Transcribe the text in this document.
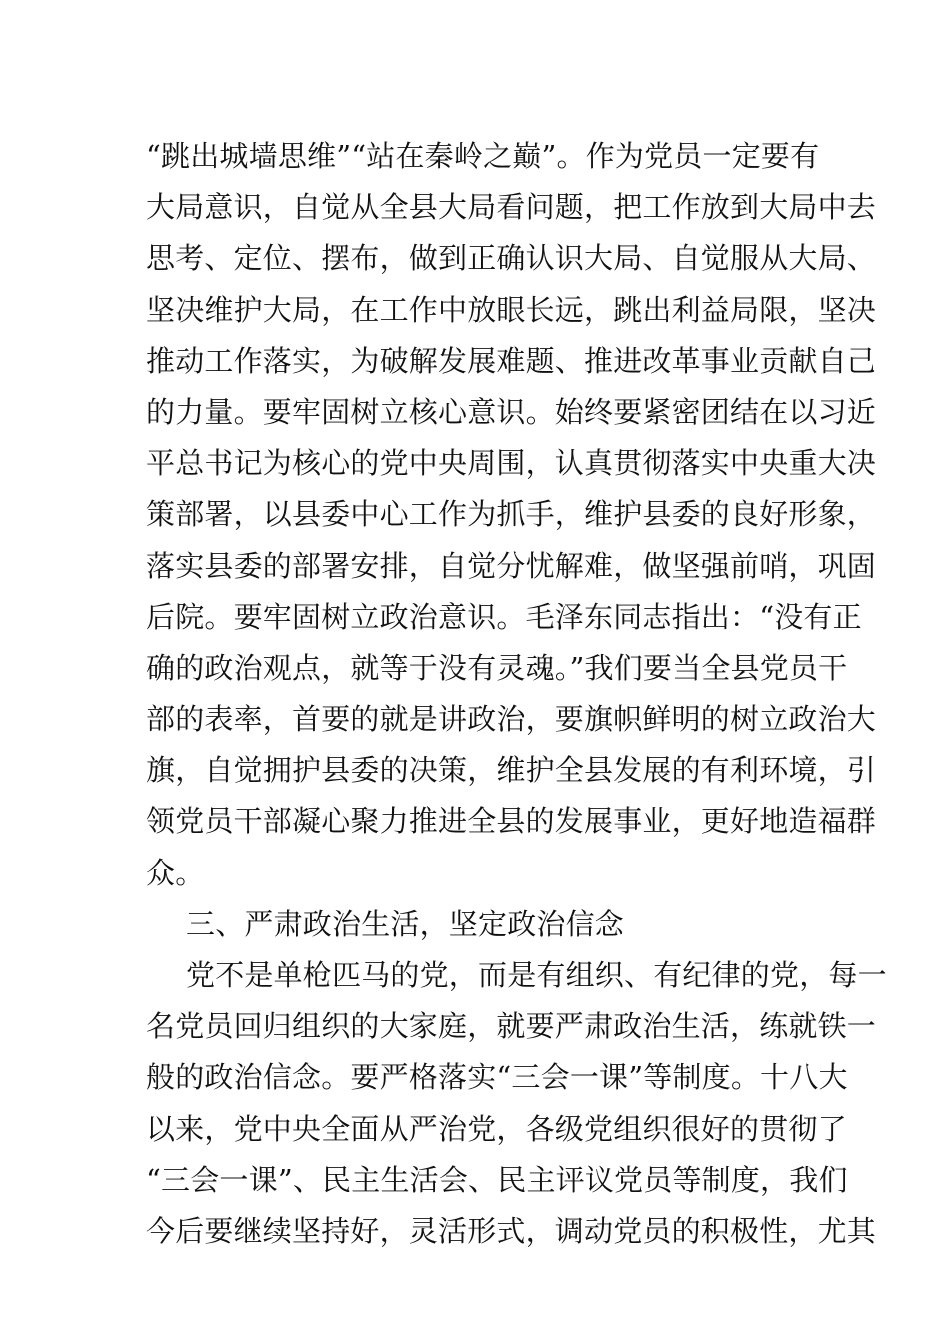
“跳出城墙思维”“站在秦岭之巅”。作为党员一定要有
大局意识，自觉从全县大局看问题，把工作放到大局中去
思考、定位、摆布，做到正确认识大局、自觉服从大局、
坚决维护大局，在工作中放眼长远，跳出利益局限，坚决
推动工作落实，为破解发展难题、推进改革事业贡献自己
的力量。要牢固树立核心意识。始终要紧密团结在以习近
平总书记为核心的党中央周围，认真贯彻落实中央重大决
策部署，以县委中心工作为抓手，维护县委的良好形象，
落实县委的部署安排，自觉分忧解难，做坚强前哨，巩固
后院。要牢固树立政治意识。毛泽东同志指出：“没有正
确的政治观点，就等于没有灵魂。”我们要当全县党员干
部的表率，首要的就是讲政治，要旗帜鲜明的树立政治大
旗，自觉拥护县委的决策，维护全县发展的有利环境，引
领党员干部凝心聚力推进全县的发展事业，更好地造福群
众。
三、严肃政治生活，坚定政治信念
党不是单枪匹马的党，而是有组织、有纪律的党，每一
名党员回归组织的大家庭，就要严肃政治生活，练就铁一
般的政治信念。要严格落实“三会一课”等制度。十八大
以来，党中央全面从严治党，各级党组织很好的贯彻了
“三会一课”、民主生活会、民主评议党员等制度，我们
今后要继续坚持好，灵活形式，调动党员的积极性，尤其
